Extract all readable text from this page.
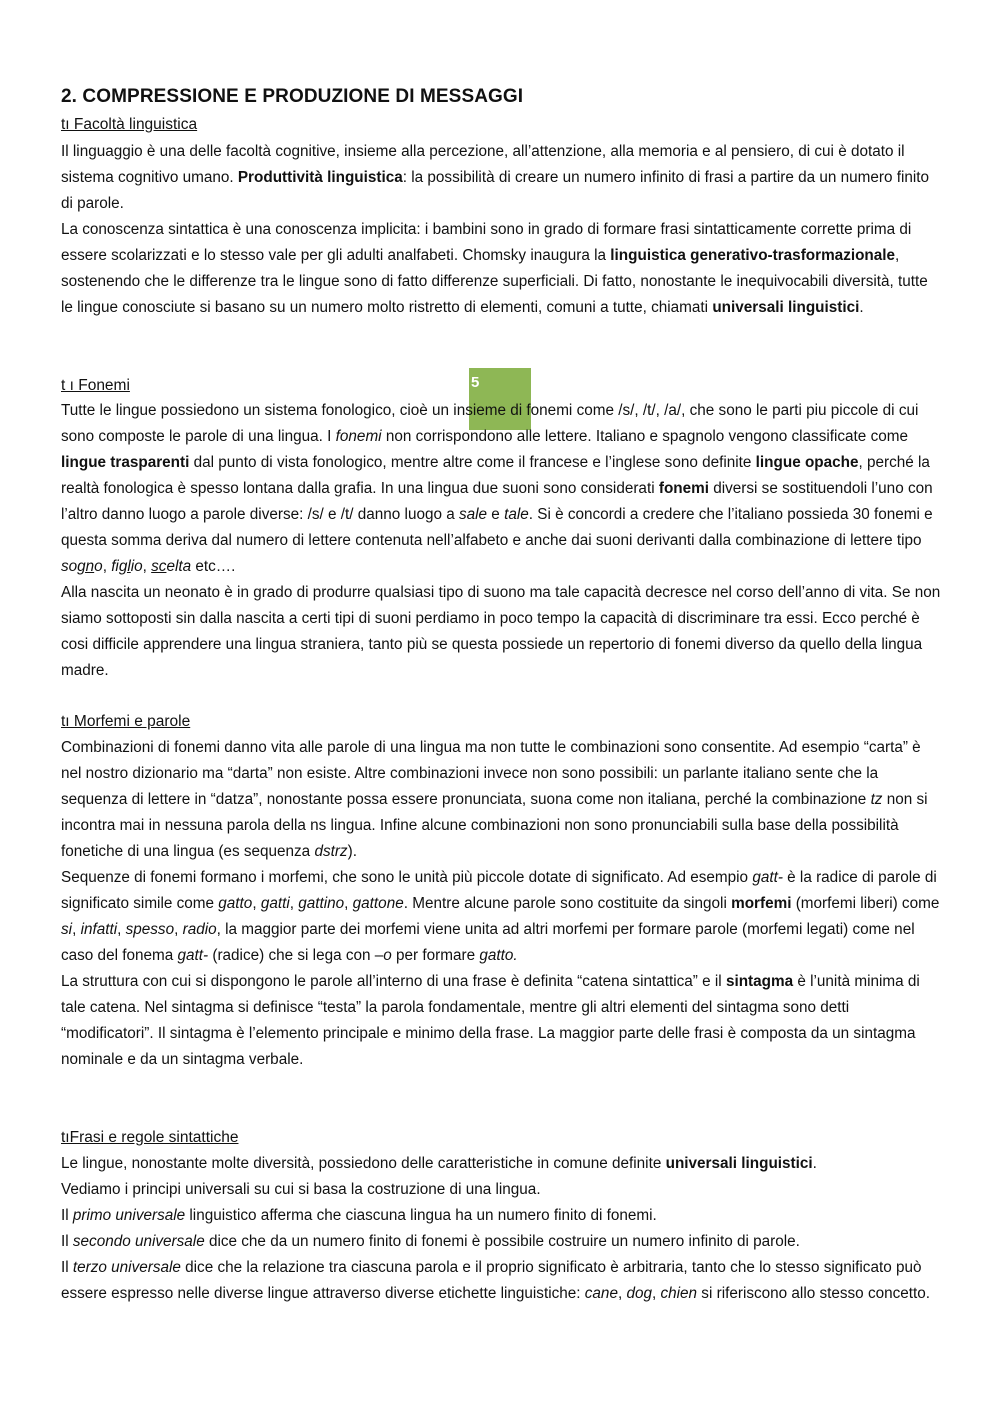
2. COMPRESSIONE E PRODUZIONE DI MESSAGGI
tı Facoltà linguistica

Il linguaggio è una delle facoltà cognitive, insieme alla percezione, all’attenzione, alla memoria e al pensiero, di cui è dotato il sistema cognitivo umano. Produttività linguistica: la possibilità di creare un numero infinito di frasi a partire da un numero finito di parole.

La conoscenza sintattica è una conoscenza implicita: i bambini sono in grado di formare frasi sintatticamente corrette prima di essere scolarizzati e lo stesso vale per gli adulti analfabeti. Chomsky inaugura la linguistica generativo-trasformazionale, sostenendo che le differenze tra le lingue sono di fatto differenze superficiali. Di fatto, nonostante le inequivocabili diversità, tutte le lingue conosciute si basano su un numero molto ristretto di elementi, comuni a tutte, chiamati universali linguistici.

t ı Fonemi	5

Tutte le lingue possiedono un sistema fonologico, cioè un insieme di fonemi come /s/, /t/, /a/, che sono le parti piu piccole di cui sono composte le parole di una lingua. I fonemi non corrispondono alle lettere. Italiano e spagnolo vengono classificate come lingue trasparenti dal punto di vista fonologico, mentre altre come il francese e l’inglese sono definite lingue opache, perché la realtà fonologica è spesso lontana dalla grafia. In una lingua due suoni sono considerati fonemi diversi se sostituendoli l’uno con l’altro danno luogo a parole diverse: /s/ e /t/ danno luogo a sale e tale. Si è concordi a credere che l’italiano possieda 30 fonemi e questa somma deriva dal numero di lettere contenuta nell’alfabeto e anche dai suoni derivanti dalla combinazione di lettere tipo sogno, figlio, scelta etc….

Alla nascita un neonato è in grado di produrre qualsiasi tipo di suono ma tale capacità decresce nel corso dell’anno di vita. Se non siamo sottoposti sin dalla nascita a certi tipi di suoni perdiamo in poco tempo la capacità di discriminare tra essi. Ecco perché è cosi difficile apprendere una lingua straniera, tanto più se questa possiede un repertorio di fonemi diverso da quello della lingua madre.

tı Morfemi e parole

Combinazioni di fonemi danno vita alle parole di una lingua ma non tutte le combinazioni sono consentite. Ad esempio “carta” è nel nostro dizionario ma “darta” non esiste. Altre combinazioni invece non sono possibili: un parlante italiano sente che la sequenza di lettere in “datza”, nonostante possa essere pronunciata, suona come non italiana, perché la combinazione tz non si incontra mai in nessuna parola della ns lingua. Infine alcune combinazioni non sono pronunciabili sulla base della possibilità fonetiche di una lingua (es sequenza dstrz).

Sequenze di fonemi formano i morfemi, che sono le unità più piccole dotate di significato. Ad esempio gatt- è la radice di parole di significato simile come gatto, gatti, gattino, gattone. Mentre alcune parole sono costituite da singoli morfemi (morfemi liberi) come si, infatti, spesso, radio, la maggior parte dei morfemi viene unita ad altri morfemi per formare parole (morfemi legati) come nel caso del fonema gatt- (radice) che si lega con –o per formare gatto.

La struttura con cui si dispongono le parole all’interno di una frase è definita “catena sintattica” e il sintagma è l’unità minima di tale catena. Nel sintagma si definisce “testa” la parola fondamentale, mentre gli altri elementi del sintagma sono detti “modificatori”. Il sintagma è l’elemento principale e minimo della frase. La maggior parte delle frasi è composta da un sintagma nominale e da un sintagma verbale.

tıFrasi e regole sintattiche

Le lingue, nonostante molte diversità, possiedono delle caratteristiche in comune definite universali linguistici.

Vediamo i principi universali su cui si basa la costruzione di una lingua.

Il primo universale linguistico afferma che ciascuna lingua ha un numero finito di fonemi.

Il secondo universale dice che da un numero finito di fonemi è possibile costruire un numero infinito di parole.

Il terzo universale dice che la relazione tra ciascuna parola e il proprio significato è arbitraria, tanto che lo stesso significato può essere espresso nelle diverse lingue attraverso diverse etichette linguistiche: cane, dog, chien si riferiscono allo stesso concetto.
